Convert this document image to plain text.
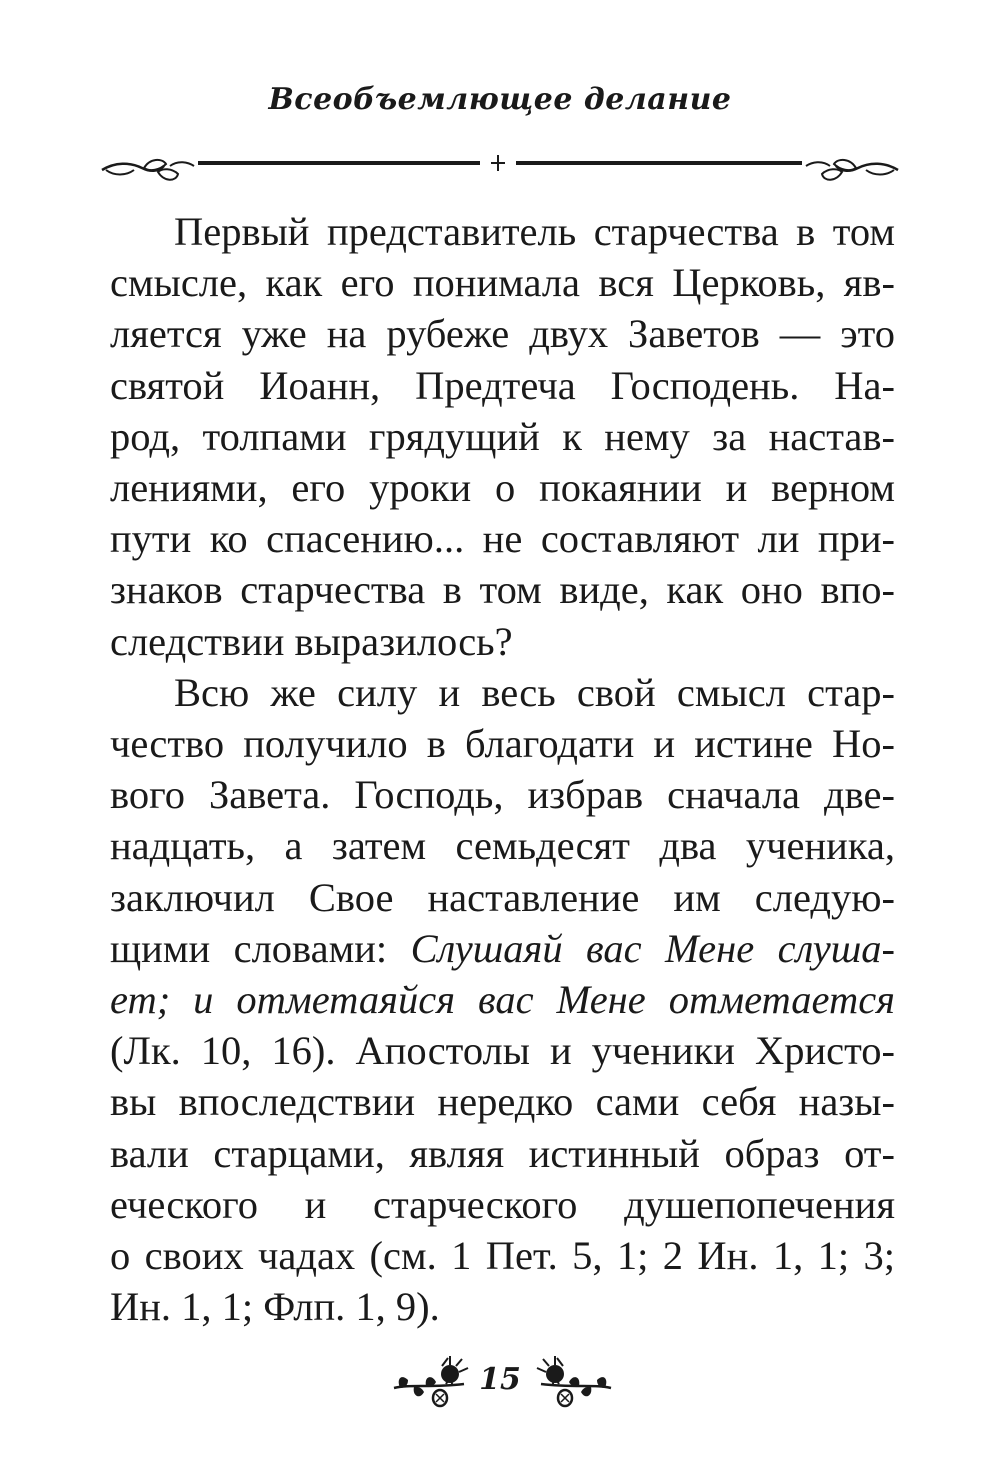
Всеобъемлющее делание

Первый представитель старчества в том
смысле, как его понимала вся Церковь, яв-
ляется уже на рубеже двух Заветов — это
святой Иоанн, Предтеча Господень. На-
род, толпами грядущий к нему за настав-
лениями, его уроки о покаянии и верном
пути ко спасению... не составляют ли при-
знаков старчества в том виде, как оно впо-
следствии выразилось?

Всю же силу и весь свой смысл стар-
чество получило в благодати и истине Но-
вого Завета. Господь, избрав сначала две-
надцать, а затем семьдесят два ученика,
заключил Свое наставление им следую-
щими словами: Слушаяй вас Мене слуша-
ет; и отметаяйся вас Мене отметается
(Лк. 10, 16). Апостолы и ученики Христо-
вы впоследствии нередко сами себя назы-
вали старцами, являя истинный образ от-
еческого и старческого душепопечения
о своих чадах (см. 1 Пет. 5, 1; 2 Ин. 1, 1; 3;
Ин. 1, 1; Флп. 1, 9).

15
